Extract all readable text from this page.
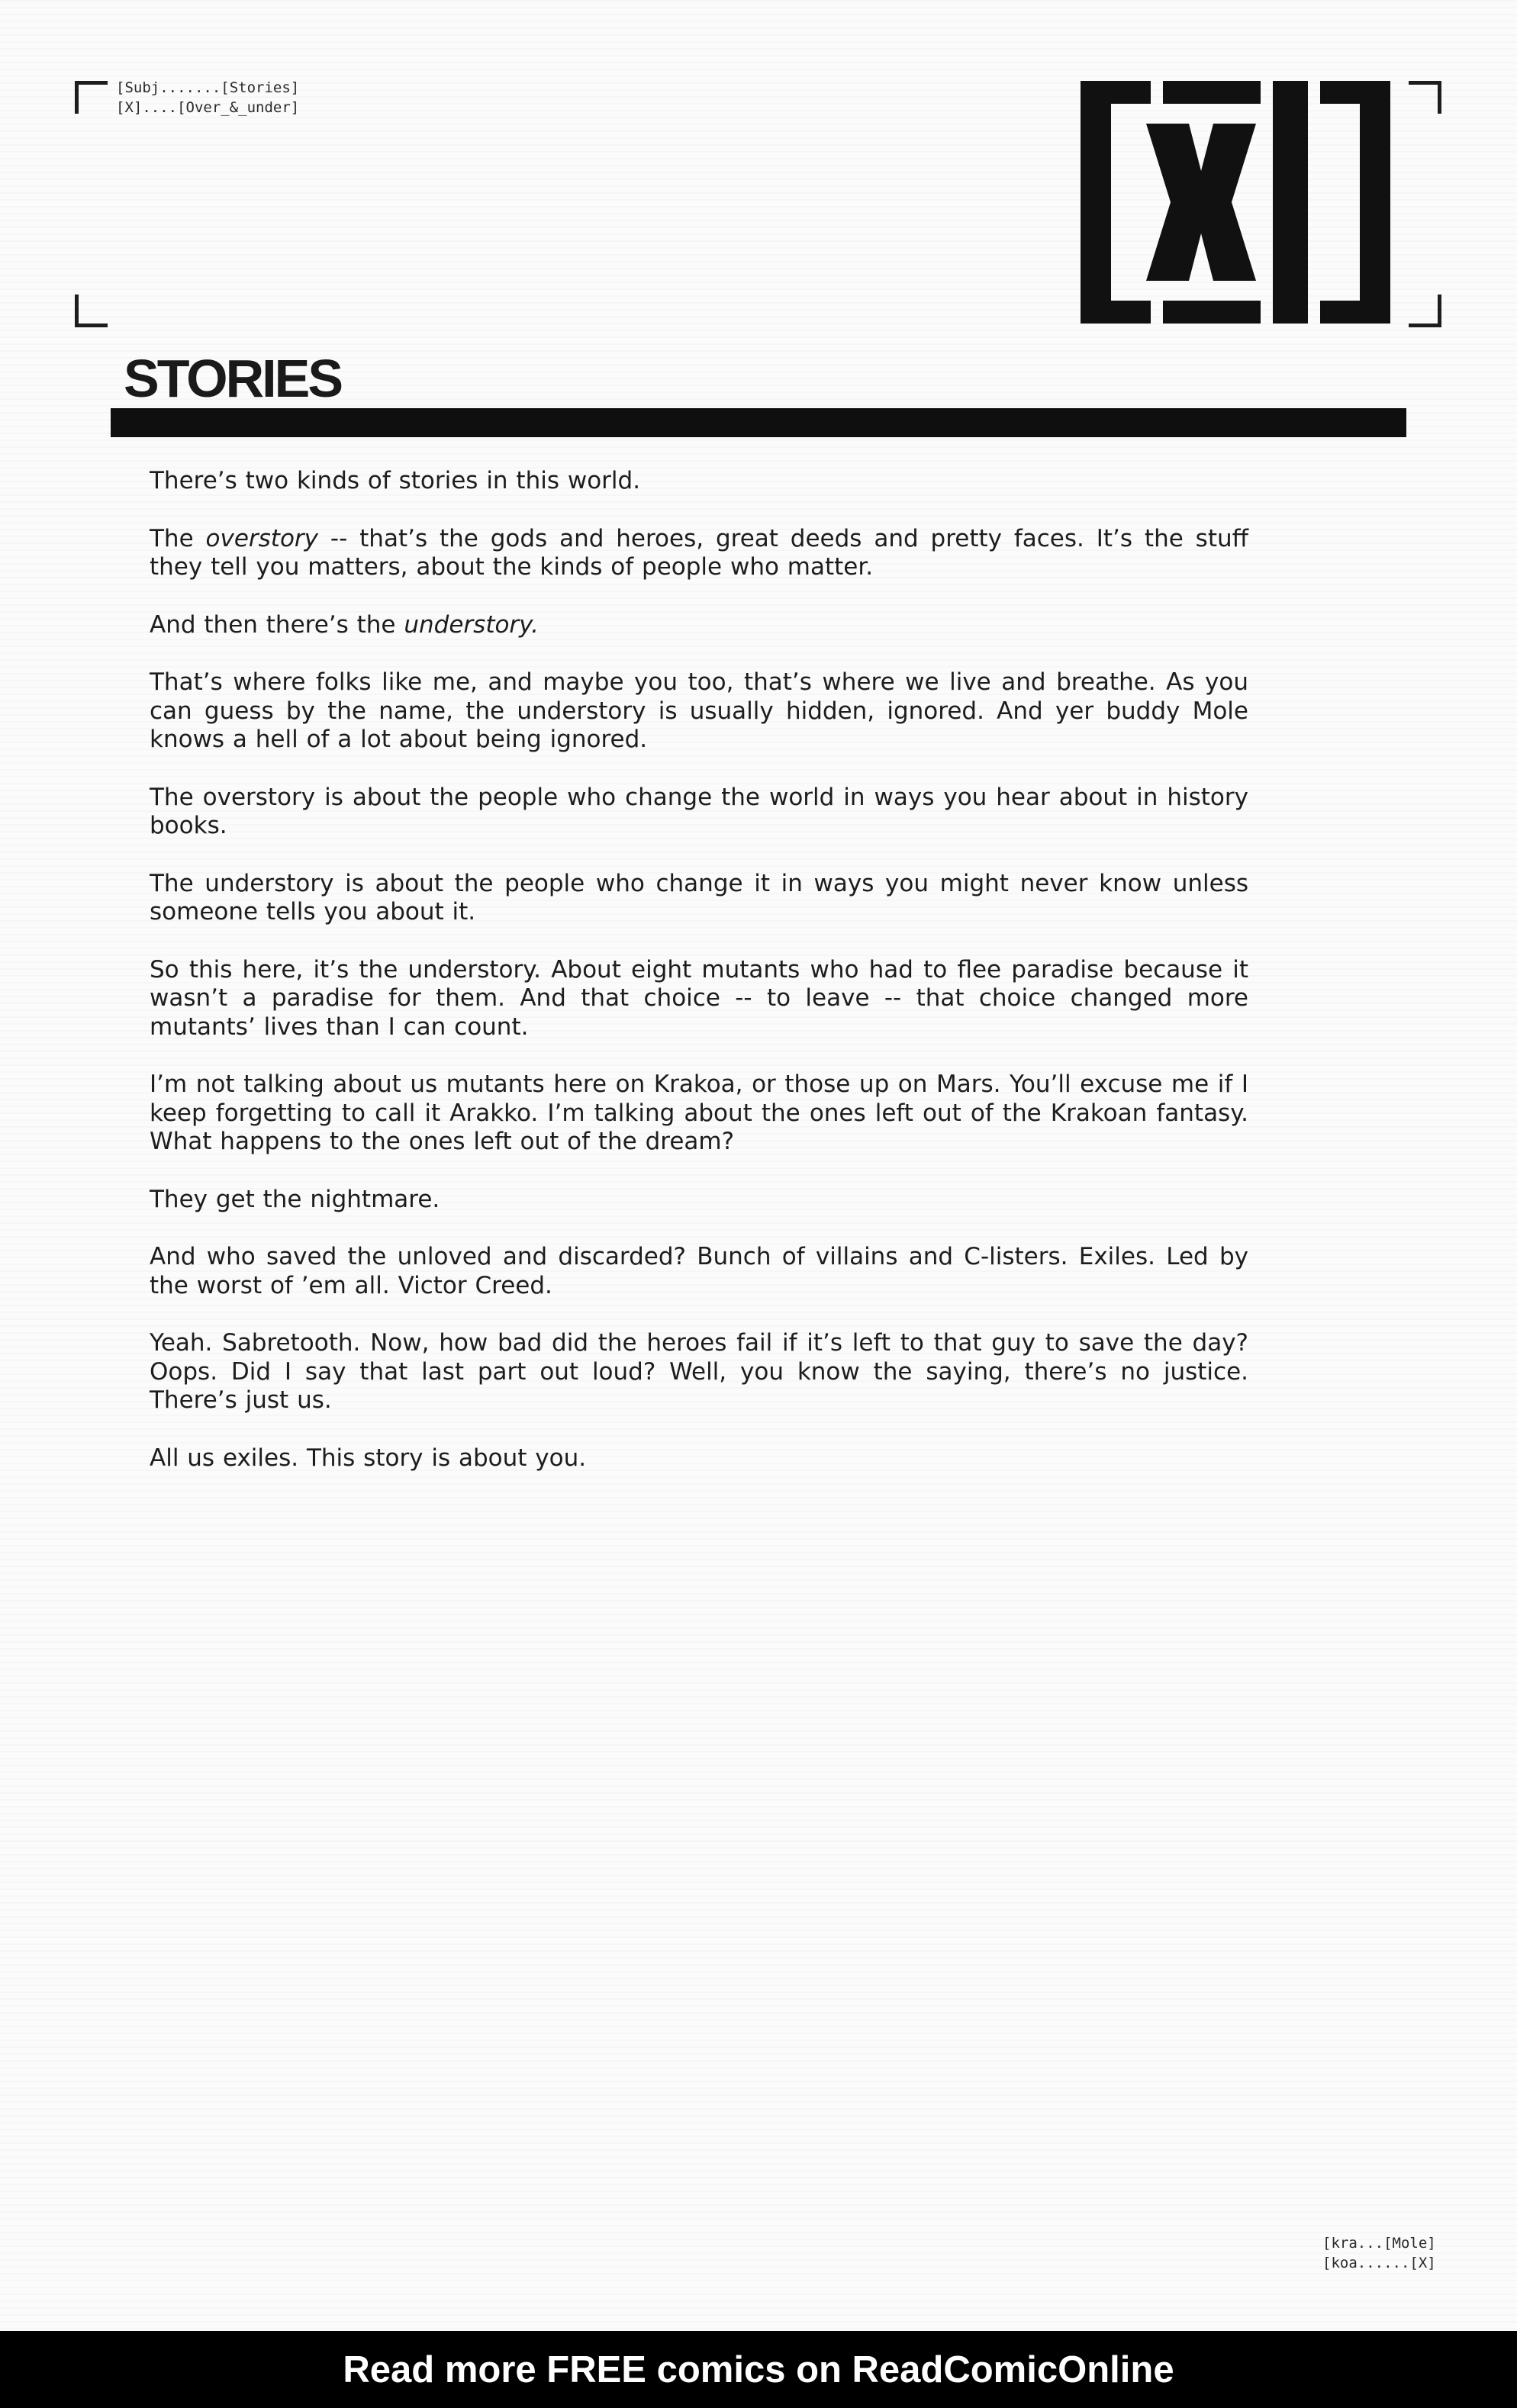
[Subj.......[Stories]
[X]....[Over_&_under]
STORIES

There’s two kinds of stories in this world.

The overstory -- that’s the gods and heroes, great deeds and pretty faces. It’s the stuff they tell you matters, about the kinds of people who matter.

And then there’s the understory.

That’s where folks like me, and maybe you too, that’s where we live and breathe. As you can guess by the name, the understory is usually hidden, ignored. And yer buddy Mole knows a hell of a lot about being ignored.

The overstory is about the people who change the world in ways you hear about in history books.

The understory is about the people who change it in ways you might never know unless someone tells you about it.

So this here, it’s the understory. About eight mutants who had to flee paradise because it wasn’t a paradise for them. And that choice -- to leave -- that choice changed more mutants’ lives than I can count.

I’m not talking about us mutants here on Krakoa, or those up on Mars. You’ll excuse me if I keep forgetting to call it Arakko. I’m talking about the ones left out of the Krakoan fantasy. What happens to the ones left out of the dream?

They get the nightmare.

And who saved the unloved and discarded? Bunch of villains and C-listers. Exiles. Led by the worst of ’em all. Victor Creed.

Yeah. Sabretooth. Now, how bad did the heroes fail if it’s left to that guy to save the day? Oops. Did I say that last part out loud? Well, you know the saying, there’s no justice. There’s just us.

All us exiles. This story is about you.

[kra...[Mole]
[koa......[X]
Read more FREE comics on ReadComicOnline
